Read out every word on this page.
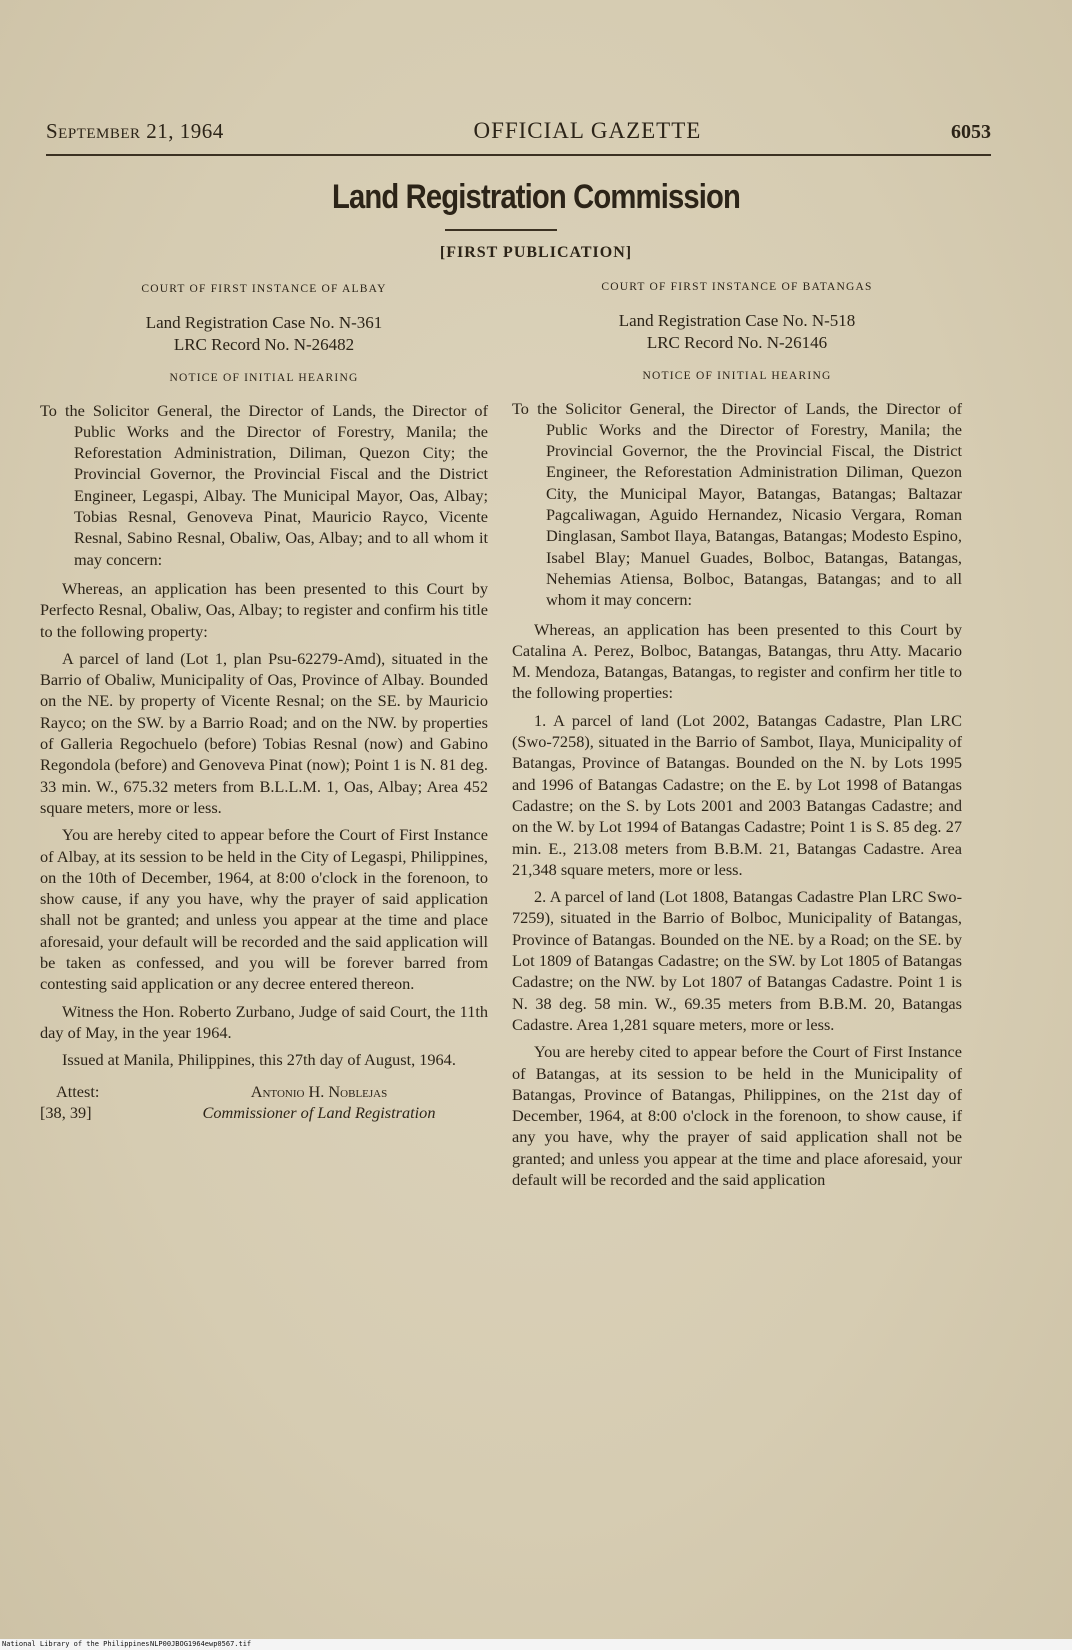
September 21, 1964	OFFICIAL GAZETTE	6053
Land Registration Commission
[FIRST PUBLICATION]
COURT OF FIRST INSTANCE OF ALBAY
Land Registration Case No. N-361
LRC Record No. N-26482
NOTICE OF INITIAL HEARING

To the Solicitor General, the Director of Lands, the Director of Public Works and the Director of Forestry, Manila; the Reforestation Administration, Diliman, Quezon City; the Provincial Governor, the Provincial Fiscal and the District Engineer, Legaspi, Albay. The Municipal Mayor, Oas, Albay; Tobias Resnal, Genoveva Pinat, Mauricio Rayco, Vicente Resnal, Sabino Resnal, Obaliw, Oas, Albay; and to all whom it may concern:

Whereas, an application has been presented to this Court by Perfecto Resnal, Obaliw, Oas, Albay; to register and confirm his title to the following property:

A parcel of land (Lot 1, plan Psu-62279-Amd), situated in the Barrio of Obaliw, Municipality of Oas, Province of Albay. Bounded on the NE. by property of Vicente Resnal; on the SE. by Mauricio Rayco; on the SW. by a Barrio Road; and on the NW. by properties of Galleria Regochuelo (before) Tobias Resnal (now) and Gabino Regondola (before) and Genoveva Pinat (now); Point 1 is N. 81 deg. 33 min. W., 675.32 meters from B.L.L.M. 1, Oas, Albay; Area 452 square meters, more or less.

You are hereby cited to appear before the Court of First Instance of Albay, at its session to be held in the City of Legaspi, Philippines, on the 10th of December, 1964, at 8:00 o'clock in the forenoon, to show cause, if any you have, why the prayer of said application shall not be granted; and unless you appear at the time and place aforesaid, your default will be recorded and the said application will be taken as confessed, and you will be forever barred from contesting said application or any decree entered thereon.

Witness the Hon. Roberto Zurbano, Judge of said Court, the 11th day of May, in the year 1964.

Issued at Manila, Philippines, this 27th day of August, 1964.

Attest:
[38, 39]
Antonio H. Noblejas
Commissioner of Land Registration
COURT OF FIRST INSTANCE OF BATANGAS
Land Registration Case No. N-518
LRC Record No. N-26146
NOTICE OF INITIAL HEARING

To the Solicitor General, the Director of Lands, the Director of Public Works and the Director of Forestry, Manila; the Provincial Governor, the the Provincial Fiscal, the District Engineer, the Reforestation Administration Diliman, Quezon City, the Municipal Mayor, Batangas, Batangas; Baltazar Pagcaliwagan, Aguido Hernandez, Nicasio Vergara, Roman Dinglasan, Sambot Ilaya, Batangas, Batangas; Modesto Espino, Isabel Blay; Manuel Guades, Bolboc, Batangas, Batangas, Nehemias Atiensa, Bolboc, Batangas, Batangas; and to all whom it may concern:

Whereas, an application has been presented to this Court by Catalina A. Perez, Bolboc, Batangas, Batangas, thru Atty. Macario M. Mendoza, Batangas, Batangas, to register and confirm her title to the following properties:

1. A parcel of land (Lot 2002, Batangas Cadastre, Plan LRC (Swo-7258), situated in the Barrio of Sambot, Ilaya, Municipality of Batangas, Province of Batangas. Bounded on the N. by Lots 1995 and 1996 of Batangas Cadastre; on the E. by Lot 1998 of Batangas Cadastre; on the S. by Lots 2001 and 2003 Batangas Cadastre; and on the W. by Lot 1994 of Batangas Cadastre; Point 1 is S. 85 deg. 27 min. E., 213.08 meters from B.B.M. 21, Batangas Cadastre. Area 21,348 square meters, more or less.

2. A parcel of land (Lot 1808, Batangas Cadastre Plan LRC Swo-7259), situated in the Barrio of Bolboc, Municipality of Batangas, Province of Batangas. Bounded on the NE. by a Road; on the SE. by Lot 1809 of Batangas Cadastre; on the SW. by Lot 1805 of Batangas Cadastre; on the NW. by Lot 1807 of Batangas Cadastre. Point 1 is N. 38 deg. 58 min. W., 69.35 meters from B.B.M. 20, Batangas Cadastre. Area 1,281 square meters, more or less.

You are hereby cited to appear before the Court of First Instance of Batangas, at its session to be held in the Municipality of Batangas, Province of Batangas, Philippines, on the 21st day of December, 1964, at 8:00 o'clock in the forenoon, to show cause, if any you have, why the prayer of said application shall not be granted; and unless you appear at the time and place aforesaid, your default will be recorded and the said application

National Library of the Philippines NLP00JBOG1964ewp0567.tif
